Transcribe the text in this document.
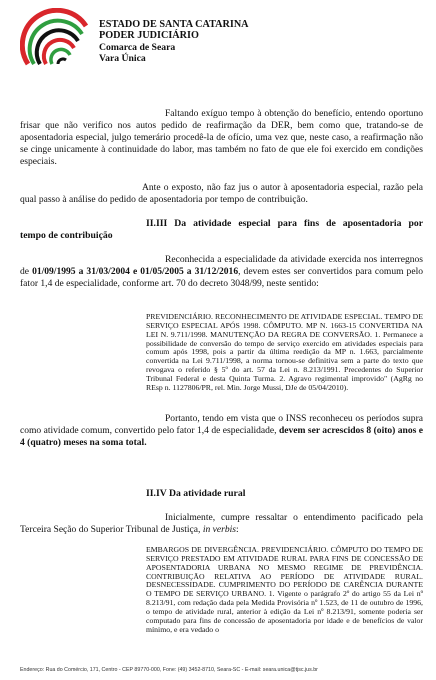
ESTADO DE SANTA CATARINA
PODER JUDICIÁRIO
Comarca de Seara
Vara Única
Faltando exíguo tempo à obtenção do benefício, entendo oportuno frisar que não verifico nos autos pedido de reafirmação da DER, bem como que, tratando-se de aposentadoria especial, julgo temerário procedê-la de ofício, uma vez que, neste caso, a reafirmação não se cinge unicamente à continuidade do labor, mas também no fato de que ele foi exercido em condições especiais.
Ante o exposto, não faz jus o autor à aposentadoria especial, razão pela qual passo à análise do pedido de aposentadoria por tempo de contribuição.
II.III Da atividade especial para fins de aposentadoria por
tempo de contribuição
Reconhecida a especialidade da atividade exercida nos interregnos de 01/09/1995 a 31/03/2004 e 01/05/2005 a 31/12/2016, devem estes ser convertidos para comum pelo fator 1,4 de especialidade, conforme art. 70 do decreto 3048/99, neste sentido:
PREVIDENCIÁRIO. RECONHECIMENTO DE ATIVIDADE ESPECIAL. TEMPO DE SERVIÇO ESPECIAL APÓS 1998. CÔMPUTO. MP N. 1663-15 CONVERTIDA NA LEI N. 9.711/1998. MANUTENÇÃO DA REGRA DE CONVERSÃO. 1. Permanece a possibilidade de conversão do tempo de serviço exercido em atividades especiais para comum após 1998, pois a partir da última reedição da MP n. 1.663, parcialmente convertida na Lei 9.711/1998, a norma tornou-se definitiva sem a parte do texto que revogava o referido § 5º do art. 57 da Lei n. 8.213/1991. Precedentes do Superior Tribunal Federal e desta Quinta Turma. 2. Agravo regimental improvido" (AgRg no REsp n. 1127806/PR, rel. Min. Jorge Mussi, DJe de 05/04/2010).
Portanto, tendo em vista que o INSS reconheceu os períodos supra como atividade comum, convertido pelo fator 1,4 de especialidade, devem ser acrescidos 8 (oito) anos e 4 (quatro) meses na soma total.
II.IV Da atividade rural
Inicialmente, cumpre ressaltar o entendimento pacificado pela Terceira Seção do Superior Tribunal de Justiça, in verbis:
EMBARGOS DE DIVERGÊNCIA. PREVIDENCIÁRIO. CÔMPUTO DO TEMPO DE SERVIÇO PRESTADO EM ATIVIDADE RURAL PARA FINS DE CONCESSÃO DE APOSENTADORIA URBANA NO MESMO REGIME DE PREVIDÊNCIA. CONTRIBUIÇÃO RELATIVA AO PERÍODO DE ATIVIDADE RURAL. DESNECESSIDADE. CUMPRIMENTO DO PERÍODO DE CARÊNCIA DURANTE O TEMPO DE SERVIÇO URBANO. 1. Vigente o parágrafo 2º do artigo 55 da Lei nº 8.213/91, com redação dada pela Medida Provisória nº 1.523, de 11 de outubro de 1996, o tempo de atividade rural, anterior à edição da Lei nº 8.213/91, somente poderia ser computado para fins de concessão de aposentadoria por idade e de benefícios de valor mínimo, e era vedado o
Endereço: Rua do Comércio, 171, Centro - CEP 89770-000, Fone: (49) 3452-8710, Seara-SC - E-mail: seara.unica@tjsc.jus.br
